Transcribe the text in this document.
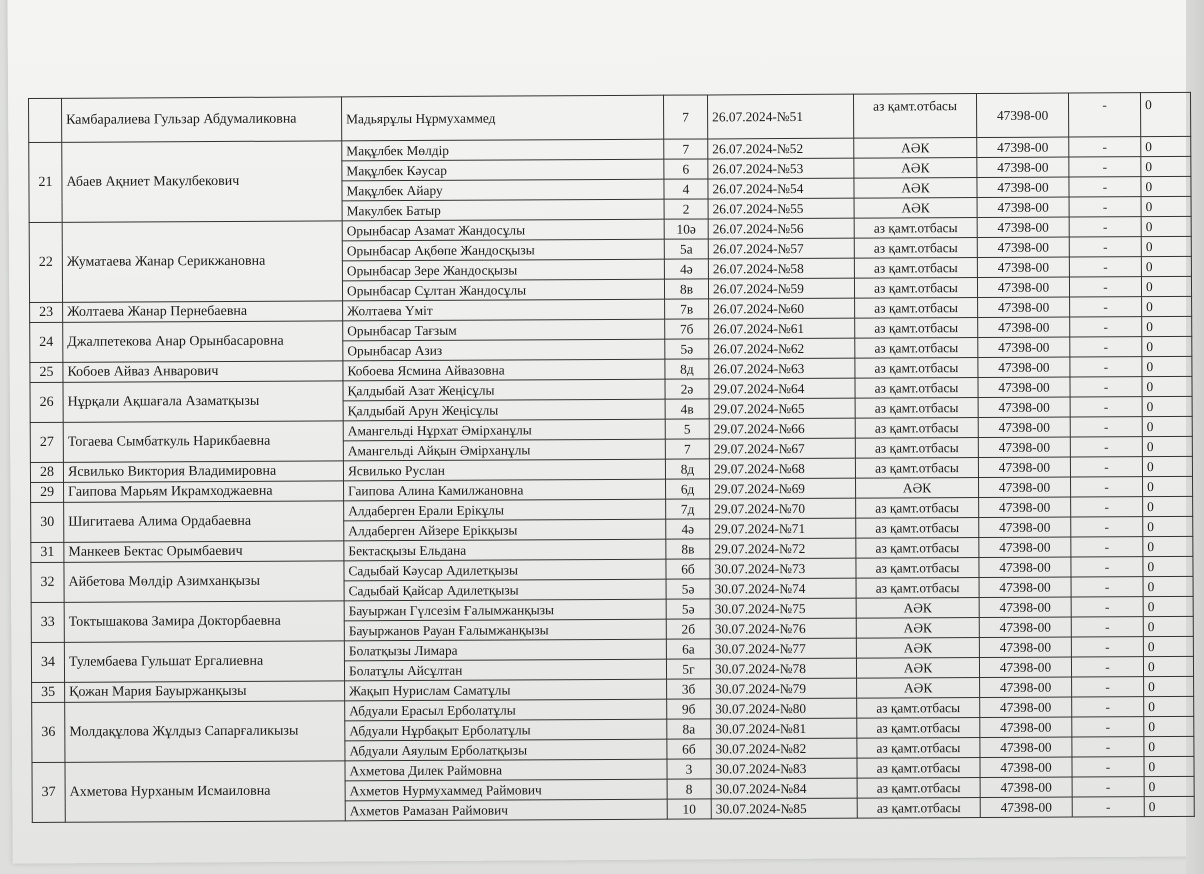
	Камбаралиева Гульзар Абдумаликовна	Мадьярұлы Нұрмухаммед	7	26.07.2024-№51	аз қамт.отбасы	47398-00	-	0
21	Абаев Ақниет Макулбекович	Мақұлбек Мөлдір	7	26.07.2024-№52	АӘК	47398-00	-	0
		Мақұлбек Кәусар	6	26.07.2024-№53	АӘК	47398-00	-	0
		Мақұлбек Айару	4	26.07.2024-№54	АӘК	47398-00	-	0
		Макулбек Батыр	2	26.07.2024-№55	АӘК	47398-00	-	0
22	Жуматаева Жанар Серикжановна	Орынбасар Азамат Жандосұлы	10ә	26.07.2024-№56	аз қамт.отбасы	47398-00	-	0
		Орынбасар Ақбөпе Жандосқызы	5а	26.07.2024-№57	аз қамт.отбасы	47398-00	-	0
		Орынбасар Зере Жандосқызы	4ә	26.07.2024-№58	аз қамт.отбасы	47398-00	-	0
		Орынбасар Сұлтан Жандосұлы	8в	26.07.2024-№59	аз қамт.отбасы	47398-00	-	0
23	Жолтаева Жанар Пернебаевна	Жолтаева Үміт	7в	26.07.2024-№60	аз қамт.отбасы	47398-00	-	0
24	Джалпетекова Анар Орынбасаровна	Орынбасар Тағзым	7б	26.07.2024-№61	аз қамт.отбасы	47398-00	-	0
		Орынбасар Азиз	5ә	26.07.2024-№62	аз қамт.отбасы	47398-00	-	0
25	Кобоев Айваз Анварович	Кобоева Ясмина Айвазовна	8д	26.07.2024-№63	аз қамт.отбасы	47398-00	-	0
26	Нұрқали Ақшағала Азаматқызы	Қалдыбай Азат Жеңісұлы	2ә	29.07.2024-№64	аз қамт.отбасы	47398-00	-	0
		Қалдыбай Арун Жеңісұлы	4в	29.07.2024-№65	аз қамт.отбасы	47398-00	-	0
27	Тогаева Сымбаткуль Нарикбаевна	Амангельді Нұрхат Әмірханұлы	5	29.07.2024-№66	аз қамт.отбасы	47398-00	-	0
		Амангельді Айқын Әмірханұлы	7	29.07.2024-№67	аз қамт.отбасы	47398-00	-	0
28	Ясвилько Виктория Владимировна	Ясвилько Руслан	8д	29.07.2024-№68	аз қамт.отбасы	47398-00	-	0
29	Гаипова Марьям Икрамходжаевна	Гаипова Алина Камилжановна	6д	29.07.2024-№69	АӘК	47398-00	-	0
30	Шигитаева Алима Ордабаевна	Алдаберген Ерали Ерікұлы	7д	29.07.2024-№70	аз қамт.отбасы	47398-00	-	0
		Алдаберген Айзере Ерікқызы	4ә	29.07.2024-№71	аз қамт.отбасы	47398-00	-	0
31	Манкеев Бектас Орымбаевич	Бектасқызы Ельдана	8в	29.07.2024-№72	аз қамт.отбасы	47398-00	-	0
32	Айбетова Мөлдір Азимханқызы	Садыбай Кәусар Адилетқызы	6б	30.07.2024-№73	аз қамт.отбасы	47398-00	-	0
		Садыбай Қайсар Адилетқызы	5ә	30.07.2024-№74	аз қамт.отбасы	47398-00	-	0
33	Токтышакова Замира Докторбаевна	Бауыржан Гүлсезім Ғалымжанқызы	5ә	30.07.2024-№75	АӘК	47398-00	-	0
		Бауыржанов Рауан Ғалымжанқызы	2б	30.07.2024-№76	АӘК	47398-00	-	0
34	Тулембаева Гульшат Ергалиевна	Болатқызы Лимара	6а	30.07.2024-№77	АӘК	47398-00	-	0
		Болатұлы Айсұлтан	5г	30.07.2024-№78	АӘК	47398-00	-	0
35	Қожан Мария Бауыржанқызы	Жақып Нурислам Саматұлы	3б	30.07.2024-№79	АӘК	47398-00	-	0
36	Молдақұлова Жұлдыз Сапарғаликызы	Абдуали Ерасыл Ерболатұлы	9б	30.07.2024-№80	аз қамт.отбасы	47398-00	-	0
		Абдуали Нұрбақыт Ерболатұлы	8а	30.07.2024-№81	аз қамт.отбасы	47398-00	-	0
		Абдуали Аяулым Ерболатқызы	6б	30.07.2024-№82	аз қамт.отбасы	47398-00	-	0
37	Ахметова Нурханым Исмаиловна	Ахметова Дилек Раймовна	3	30.07.2024-№83	аз қамт.отбасы	47398-00	-	0
		Ахметов Нурмухаммед Раймович	8	30.07.2024-№84	аз қамт.отбасы	47398-00	-	0
		Ахметов Рамазан Раймович	10	30.07.2024-№85	аз қамт.отбасы	47398-00	-	0
